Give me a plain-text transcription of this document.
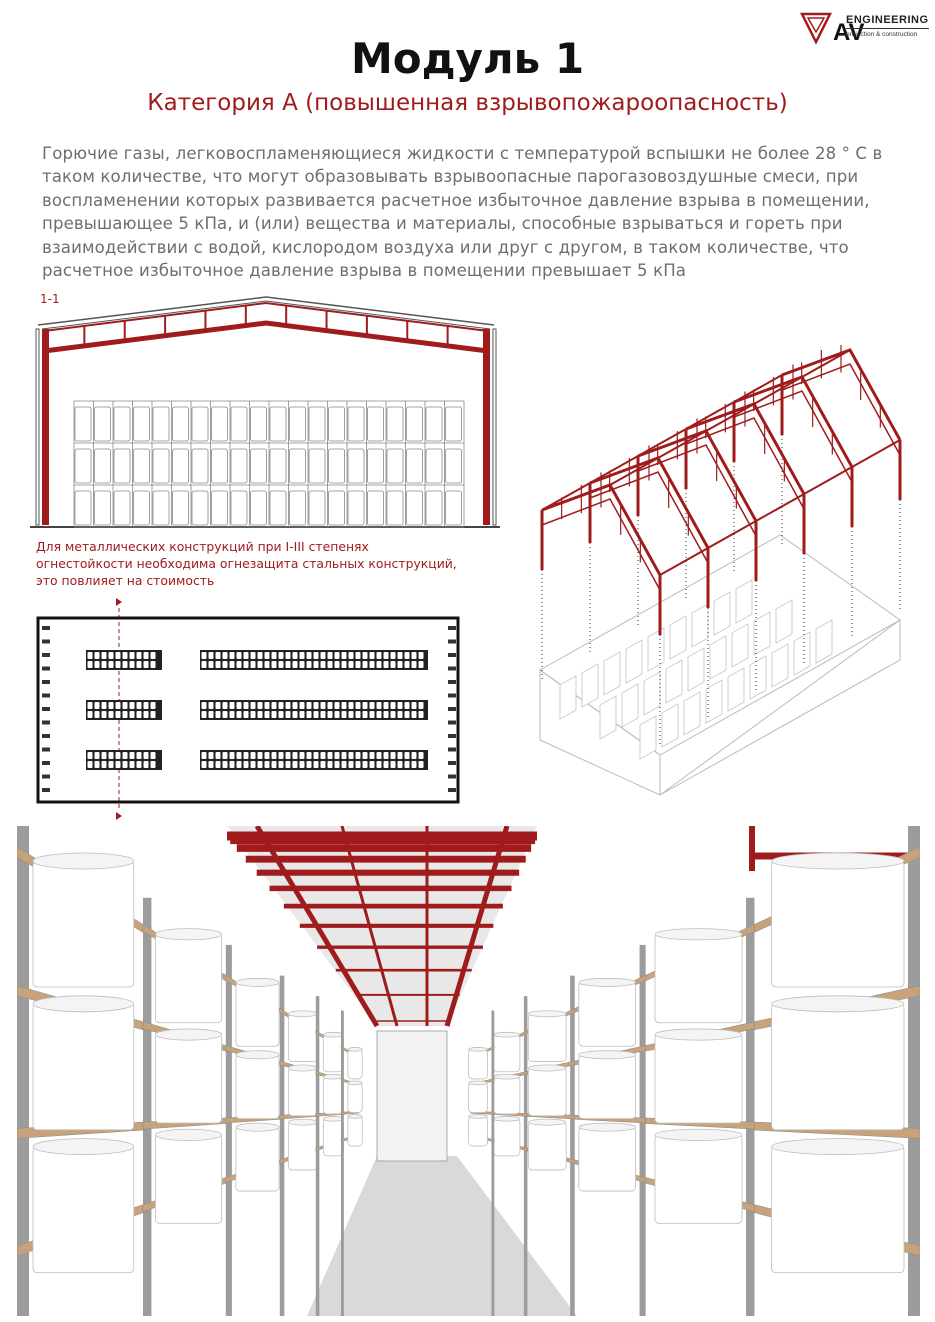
AV
ENGINEERING
projection & construction
Модуль 1
Категория А (повышенная взрывопожароопасность)
Горючие газы, легковоспламеняющиеся жидкости с температурой вспышки не более 28 ° С в таком количестве, что могут образовывать взрывоопасные парогазовоздушные смеси, при воспламенении которых развивается расчетное избыточное давление взрыва в помещении, превышающее 5 кПа, и (или) вещества и материалы, способные взрываться и гореть при взаимодействии с водой, кислородом воздуха или друг с другом, в таком количестве, что расчетное избыточное давление взрыва в помещении превышает 5 кПа
1-1
Для металлических конструкций при I-III степенях огнестойкости необходима огнезащита стальных конструкций, это повлияет на стоимость
